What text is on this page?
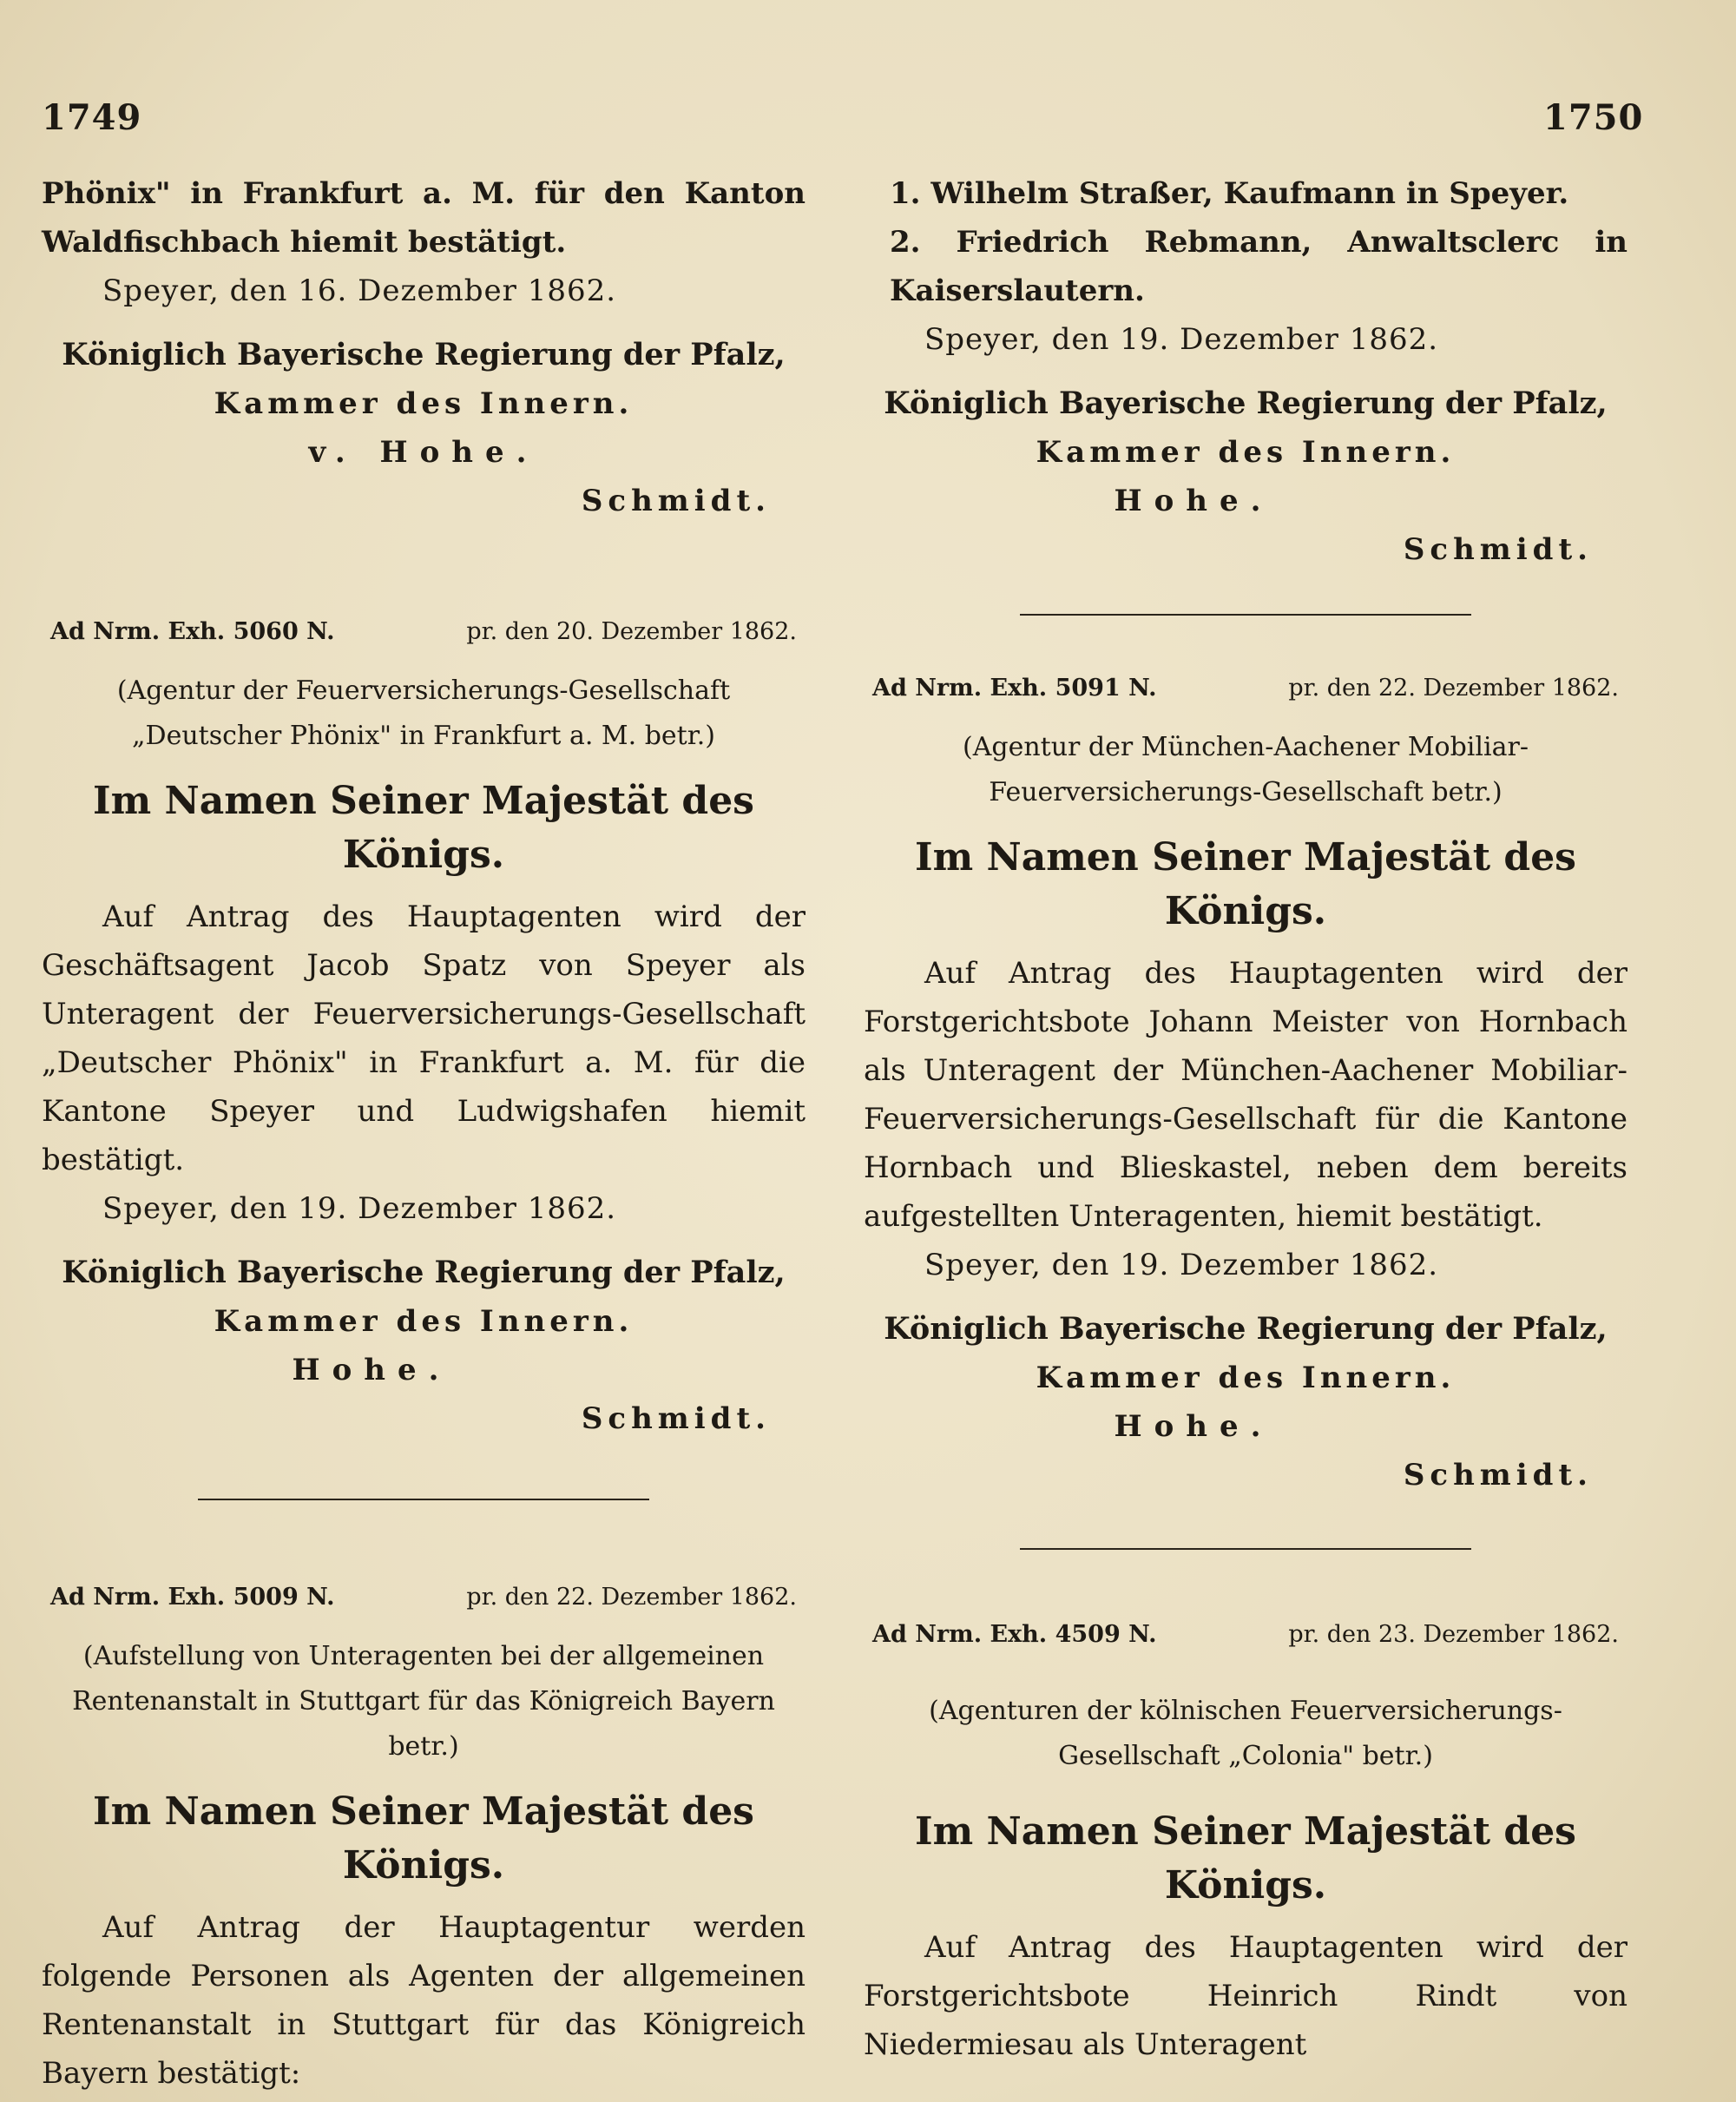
1749	1750

Phönix" in Frankfurt a. M. für den Kanton Waldfischbach hiemit bestätigt.

Speyer, den 16. Dezember 1862.

Königlich Bayerische Regierung der Pfalz,

Kammer des Innern.

v. Hohe.

Schmidt.

Ad Nrm. Exh. 5060 N.	pr. den 20. Dezember 1862.

(Agentur der Feuerversicherungs-Gesellschaft „Deutscher Phönix" in Frankfurt a. M. betr.)

Im Namen Seiner Majestät des Königs.

Auf Antrag des Hauptagenten wird der Geschäftsagent Jacob Spatz von Speyer als Unteragent der Feuerversicherungs-Gesellschaft „Deutscher Phönix" in Frankfurt a. M. für die Kantone Speyer und Ludwigshafen hiemit bestätigt.

Speyer, den 19. Dezember 1862.

Königlich Bayerische Regierung der Pfalz,

Kammer des Innern.

Hohe.

Schmidt.

Ad Nrm. Exh. 5009 N.	pr. den 22. Dezember 1862.

(Aufstellung von Unteragenten bei der allgemeinen Rentenanstalt in Stuttgart für das Königreich Bayern betr.)

Im Namen Seiner Majestät des Königs.

Auf Antrag der Hauptagentur werden folgende Personen als Agenten der allgemeinen Rentenanstalt in Stuttgart für das Königreich Bayern bestätigt:

1. Wilhelm Straßer, Kaufmann in Speyer.

2. Friedrich Rebmann, Anwaltsclerc in Kaiserslautern.

Speyer, den 19. Dezember 1862.

Königlich Bayerische Regierung der Pfalz,

Kammer des Innern.

Hohe.

Schmidt.

Ad Nrm. Exh. 5091 N.	pr. den 22. Dezember 1862.

(Agentur der München-Aachener Mobiliar-Feuerversicherungs-Gesellschaft betr.)

Im Namen Seiner Majestät des Königs.

Auf Antrag des Hauptagenten wird der Forstgerichtsbote Johann Meister von Hornbach als Unteragent der München-Aachener Mobiliar-Feuerversicherungs-Gesellschaft für die Kantone Hornbach und Blieskastel, neben dem bereits aufgestellten Unteragenten, hiemit bestätigt.

Speyer, den 19. Dezember 1862.

Königlich Bayerische Regierung der Pfalz,

Kammer des Innern.

Hohe.

Schmidt.

Ad Nrm. Exh. 4509 N.	pr. den 23. Dezember 1862.

(Agenturen der kölnischen Feuerversicherungs-Gesellschaft „Colonia" betr.)

Im Namen Seiner Majestät des Königs.

Auf Antrag des Hauptagenten wird der Forstgerichtsbote Heinrich Rindt von Niedermiesau als Unteragent
